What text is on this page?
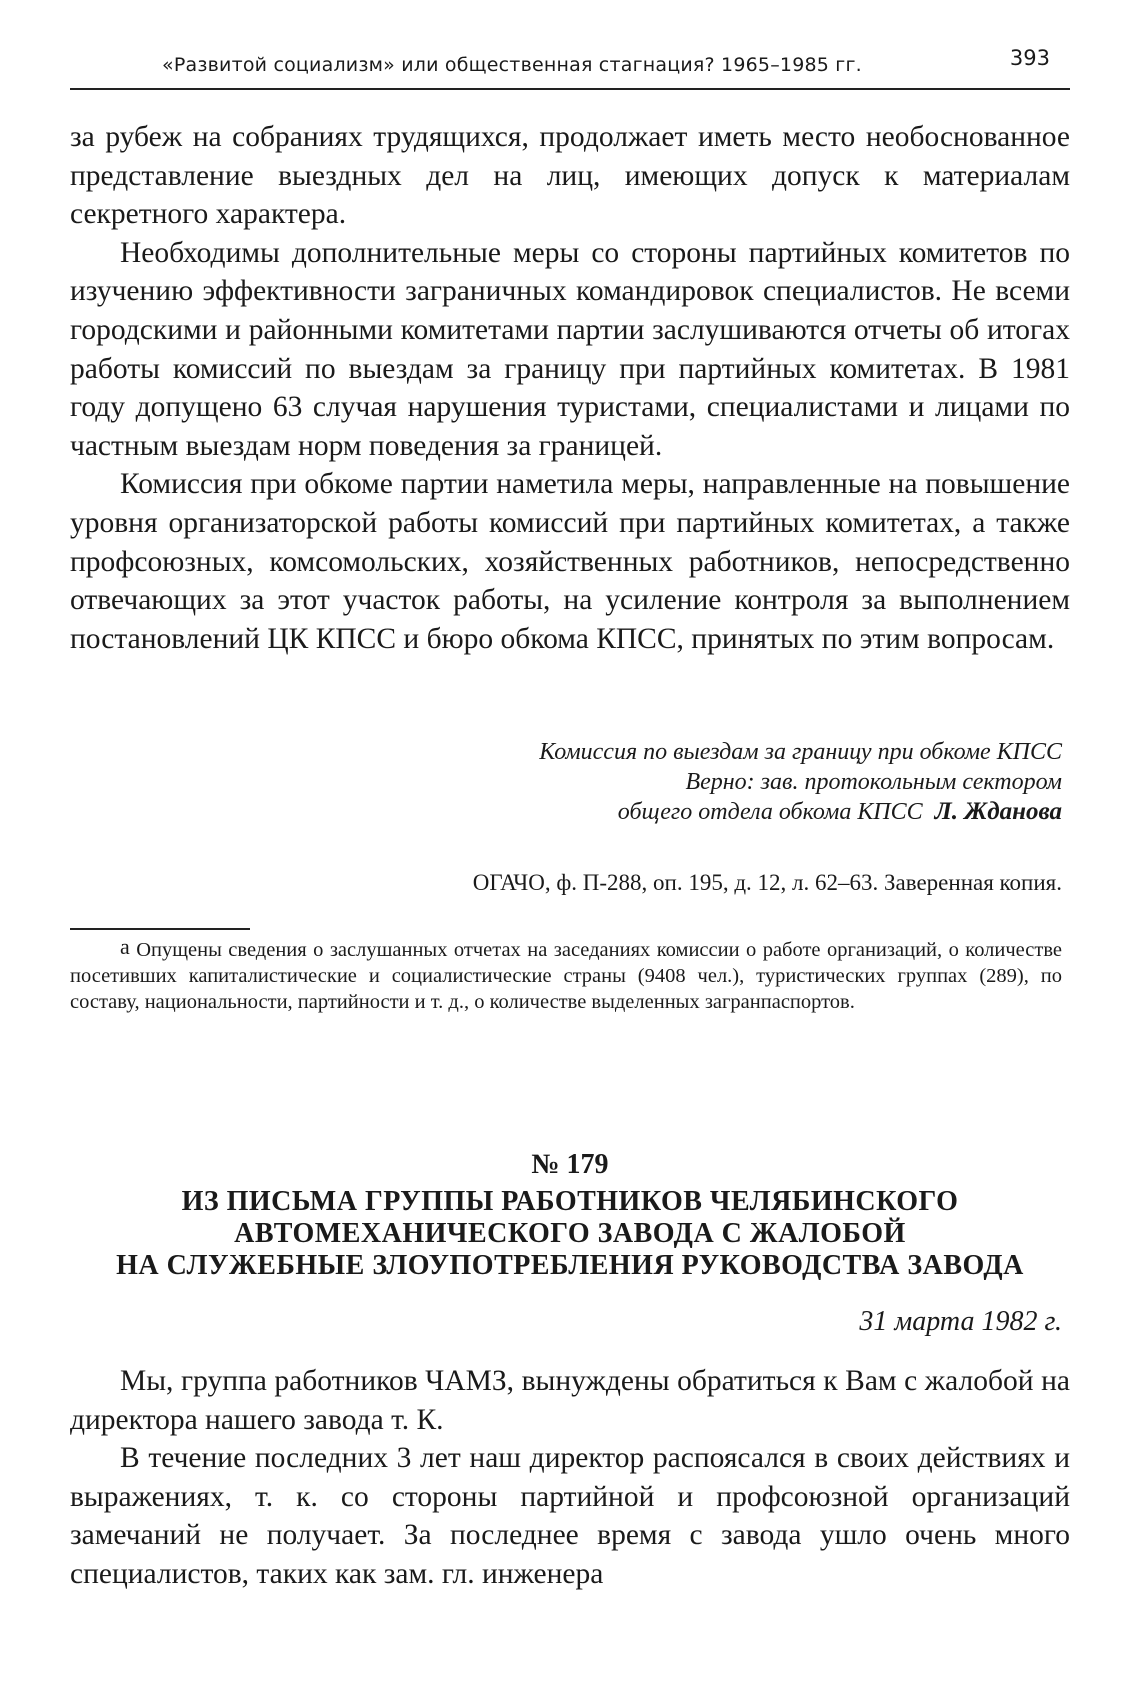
«Развитой социализм» или общественная стагнация? 1965–1985 гг.	393

за рубеж на собраниях трудящихся, продолжает иметь место необоснованное представление выездных дел на лиц, имеющих допуск к материалам секретного характера.

Необходимы дополнительные меры со стороны партийных комитетов по изучению эффективности заграничных командировок специалистов. Не всеми городскими и районными комитетами партии заслушиваются отчеты об итогах работы комиссий по выездам за границу при партийных комитетах. В 1981 году допущено 63 случая нарушения туристами, специалистами и лицами по частным выездам норм поведения за границей.

Комиссия при обкоме партии наметила меры, направленные на повышение уровня организаторской работы комиссий при партийных комитетах, а также профсоюзных, комсомольских, хозяйственных работников, непосредственно отвечающих за этот участок работы, на усиление контроля за выполнением постановлений ЦК КПСС и бюро обкома КПСС, принятых по этим вопросам.

Комиссия по выездам за границу при обкоме КПСС
Верно: зав. протокольным сектором
общего отдела обкома КПСС Л. Жданова
ОГАЧО, ф. П-288, оп. 195, д. 12, л. 62–63. Заверенная копия.
а Опущены сведения о заслушанных отчетах на заседаниях комиссии о работе организаций, о количестве посетивших капиталистические и социалистические страны (9408 чел.), туристических группах (289), по составу, национальности, партийности и т. д., о количестве выделенных загранпаспортов.
№ 179
ИЗ ПИСЬМА ГРУППЫ РАБОТНИКОВ ЧЕЛЯБИНСКОГО
АВТОМЕХАНИЧЕСКОГО ЗАВОДА С ЖАЛОБОЙ
НА СЛУЖЕБНЫЕ ЗЛОУПОТРЕБЛЕНИЯ РУКОВОДСТВА ЗАВОДА
31 марта 1982 г.

Мы, группа работников ЧАМЗ, вынуждены обратиться к Вам с жалобой на директора нашего завода т. К.

В течение последних 3 лет наш директор распоясался в своих действиях и выражениях, т. к. со стороны партийной и профсоюзной организаций замечаний не получает. За последнее время с завода ушло очень много специалистов, таких как зам. гл. инженера
